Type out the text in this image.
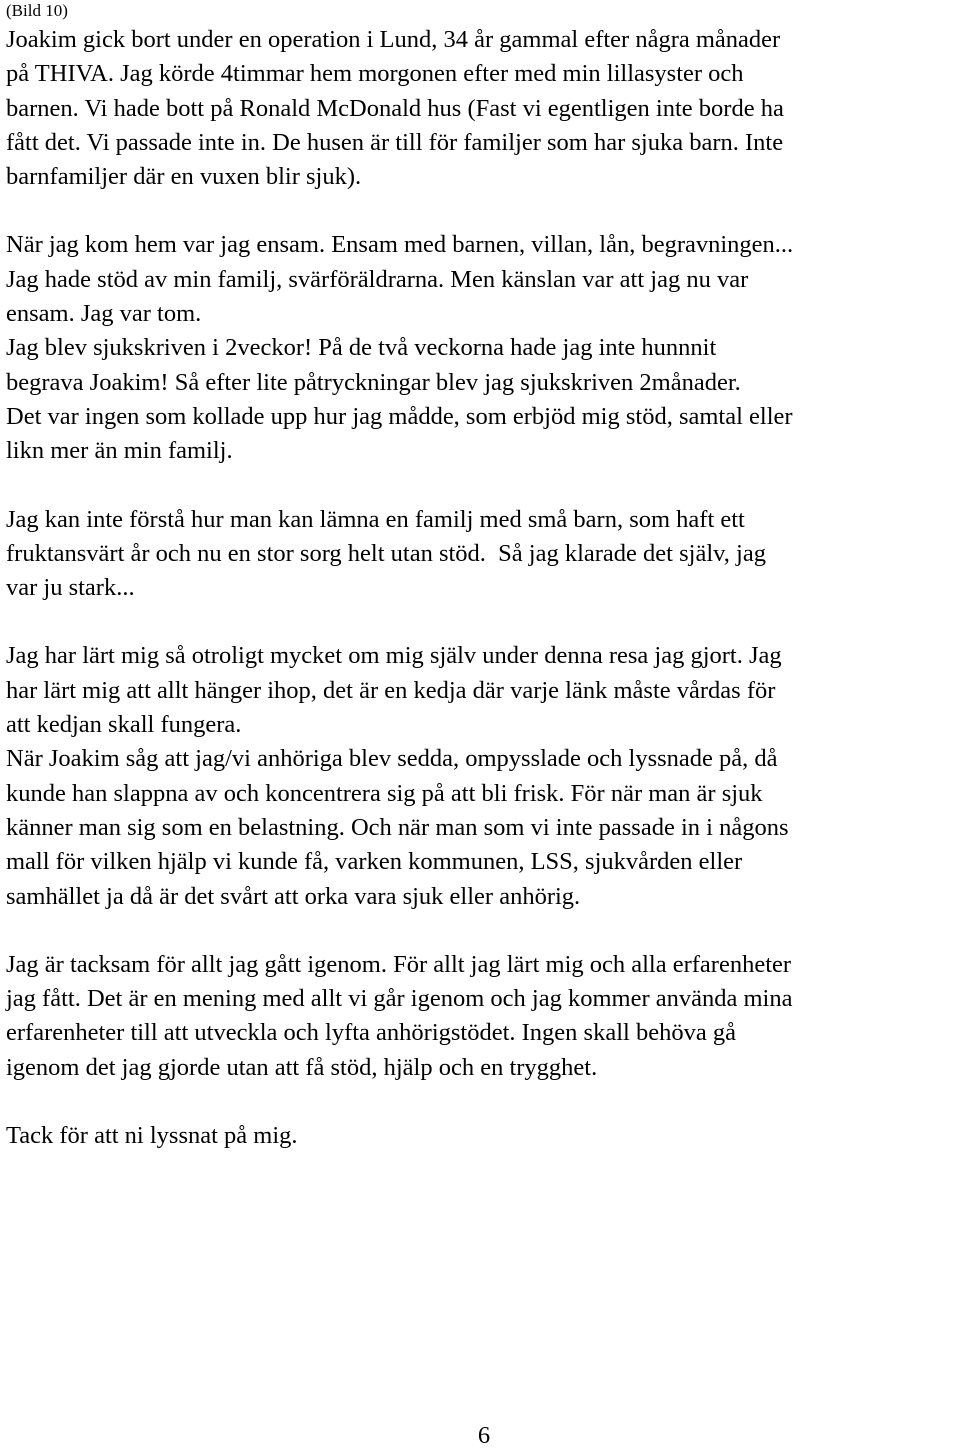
(Bild 10)
Joakim gick bort under en operation i Lund, 34 år gammal efter några månader
på THIVA. Jag körde 4timmar hem morgonen efter med min lillasyster och
barnen. Vi hade bott på Ronald McDonald hus (Fast vi egentligen inte borde ha
fått det. Vi passade inte in. De husen är till för familjer som har sjuka barn. Inte
barnfamiljer där en vuxen blir sjuk).
När jag kom hem var jag ensam. Ensam med barnen, villan, lån, begravningen...
Jag hade stöd av min familj, svärföräldrarna. Men känslan var att jag nu var
ensam. Jag var tom.
Jag blev sjukskriven i 2veckor! På de två veckorna hade jag inte hunnnit
begrava Joakim! Så efter lite påtryckningar blev jag sjukskriven 2månader.
Det var ingen som kollade upp hur jag mådde, som erbjöd mig stöd, samtal eller
likn mer än min familj.
Jag kan inte förstå hur man kan lämna en familj med små barn, som haft ett
fruktansvärt år och nu en stor sorg helt utan stöd.  Så jag klarade det själv, jag
var ju stark...
Jag har lärt mig så otroligt mycket om mig själv under denna resa jag gjort. Jag
har lärt mig att allt hänger ihop, det är en kedja där varje länk måste vårdas för
att kedjan skall fungera.
När Joakim såg att jag/vi anhöriga blev sedda, ompysslade och lyssnade på, då
kunde han slappna av och koncentrera sig på att bli frisk. För när man är sjuk
känner man sig som en belastning. Och när man som vi inte passade in i någons
mall för vilken hjälp vi kunde få, varken kommunen, LSS, sjukvården eller
samhället ja då är det svårt att orka vara sjuk eller anhörig.
Jag är tacksam för allt jag gått igenom. För allt jag lärt mig och alla erfarenheter
jag fått. Det är en mening med allt vi går igenom och jag kommer använda mina
erfarenheter till att utveckla och lyfta anhörigstödet. Ingen skall behöva gå
igenom det jag gjorde utan att få stöd, hjälp och en trygghet.
Tack för att ni lyssnat på mig.
6
